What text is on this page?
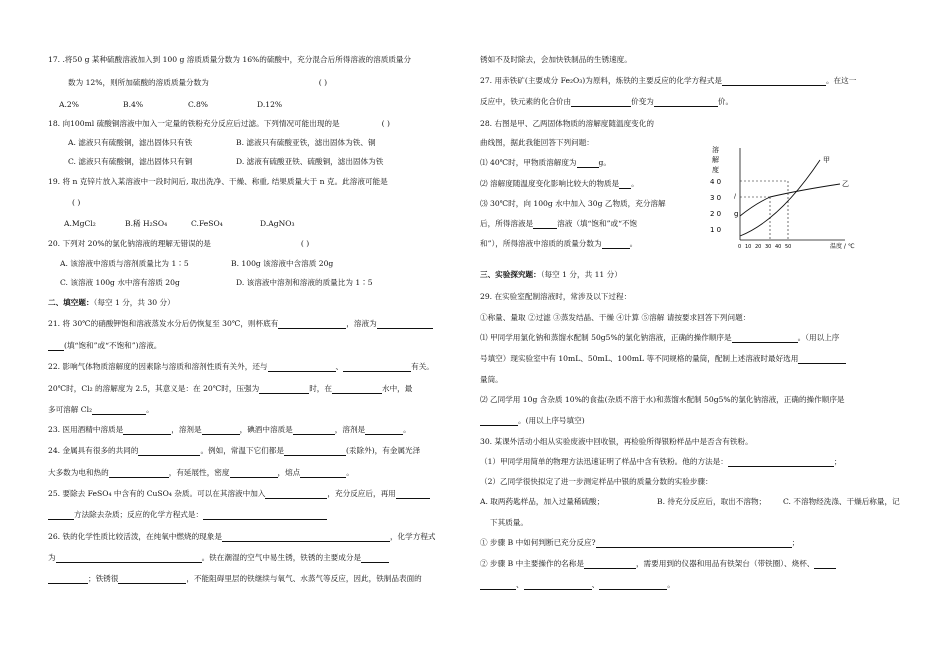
17. .将50 g 某种硫酸溶液加入到 100 g 溶质质量分数为 16%的硫酸中，充分混合后所得溶液的溶质质量分
数为 12%，则所加硫酸的溶质质量分数为	( )
A.2%	B.4%	C.8%	D.12%
18. 向100ml 硫酸铜溶液中加入一定量的铁粉充分反应后过滤。下列情况可能出现的是	( )
A. 滤液只有硫酸铜，滤出固体只有铁	B. 滤液只有硫酸亚铁，滤出固体为铁、铜
C. 滤液只有硫酸铜，滤出固体只有铜	D. 滤液有硫酸亚铁、硫酸铜，滤出固体为铁
19. 将 n 克锌片放入某溶液中一段时间后, 取出洗净、干燥、称重, 结果质量大于 n 克。此溶液可能是
( )
A.MgCl₂	B.稀 H₂SO₄	C.FeSO₄	D.AgNO₃
20. 下列对 20%的氯化钠溶液的理解无错误的是	( )
A. 该溶液中溶质与溶剂质量比为 1∶5	B. 100g 该溶液中含溶质 20g
C. 该溶液 100g 水中溶有溶质 20g	D. 该溶液中溶剂和溶液的质量比为 1∶5
二、填空题：（每空 1 分，共 30 分）
21. 将 30℃的硝酸钾饱和溶液蒸发水分后仍恢复至 30℃，则杯底有	，溶液为
(填“饱和”或“不饱和”)溶液。
22. 影响气体物质溶解度的因素除与溶质和溶剂性质有关外，还与	、	有关。
20℃时，Cl₂ 的溶解度为 2.5，其意义是：在 20℃时，压强为	时，在	水中，最
多可溶解 Cl₂	。
23. 医用酒精中溶质是	，溶剂是	，碘酒中溶质是	，溶剂是	。
24. 金属具有很多的共同的	。例如，常温下它们都是	(汞除外)，有金属光泽
大多数为电和热的	，有延展性，密度	，熔点	。
25. 要除去 FeSO₄ 中含有的 CuSO₄ 杂质。可以在其溶液中加入	，充分反应后，再用
方法除去杂质；反应的化学方程式是：
26. 铁的化学性质比较活泼，在纯氧中燃烧的现象是	，化学方程式
为	。铁在潮湿的空气中易生锈，铁锈的主要成分是
；铁锈很	，不能阻碍里层的铁继续与氧气、水蒸气等反应，因此，铁制品表面的
锈如不及时除去，会加快铁制品的生锈速度。
27. 用赤铁矿(主要成分 Fe₂O₃)为原料，炼铁的主要反应的化学方程式是	。在这一
反应中，铁元素的化合价由	价变为	价。
28. 右图是甲、乙两固体物质的溶解度随温度变化的
曲线图，据此我能回答下列问题：
⑴ 40℃时，甲物质溶解度为	g。
⑵ 溶解度随温度变化影响比较大的物质是 。
⑶ 30℃时，向 100g 水中加入 30g 乙物质，充分溶解
后，所得溶液是	溶液（填“饱和”或“不饱
和”），所得溶液中溶质的质量分数为	。
溶
解
度
4 0
3 0 /
2 0 g
1 0
甲
乙
0 10 20 30 40 50	温度 / ℃
三、实验探究题：（每空 1 分，共 11 分）
29. 在实验室配制溶液时，常涉及以下过程：
①称量、量取 ②过滤 ③蒸发结晶、干燥 ④计算 ⑤溶解 请按要求回答下列问题：
⑴ 甲同学用氯化钠和蒸馏水配制 50g5%的氯化钠溶液，正确的操作顺序是	。（用以上序
号填空）现实验室中有 10mL、50mL、100mL 等不同规格的量筒，配制上述溶液时最好选用
量筒。
⑵ 乙同学用 10g 含杂质 10%的食盐(杂质不溶于水)和蒸馏水配制 50g5%的氯化钠溶液，正确的操作顺序是
。(用以上序号填空)
30. 某课外活动小组从实验废液中回收银，再检验所得银粉样品中是否含有铁粉。
（1）甲同学用简单的物理方法迅速证明了样品中含有铁粉。他的方法是：	；
（2）乙同学很快拟定了进一步测定样品中银的质量分数的实验步骤：
A. 取两药匙样品，加入过量稀硫酸；	B. 待充分反应后，取出不溶物； C. 不溶物经洗涤、干燥后称量，记
下其质量。
① 步骤 B 中如何判断已充分反应?	；
② 步骤 B 中主要操作的名称是	，需要用到的仪器和用品有铁架台（带铁圈）、烧杯、
、	、	。
